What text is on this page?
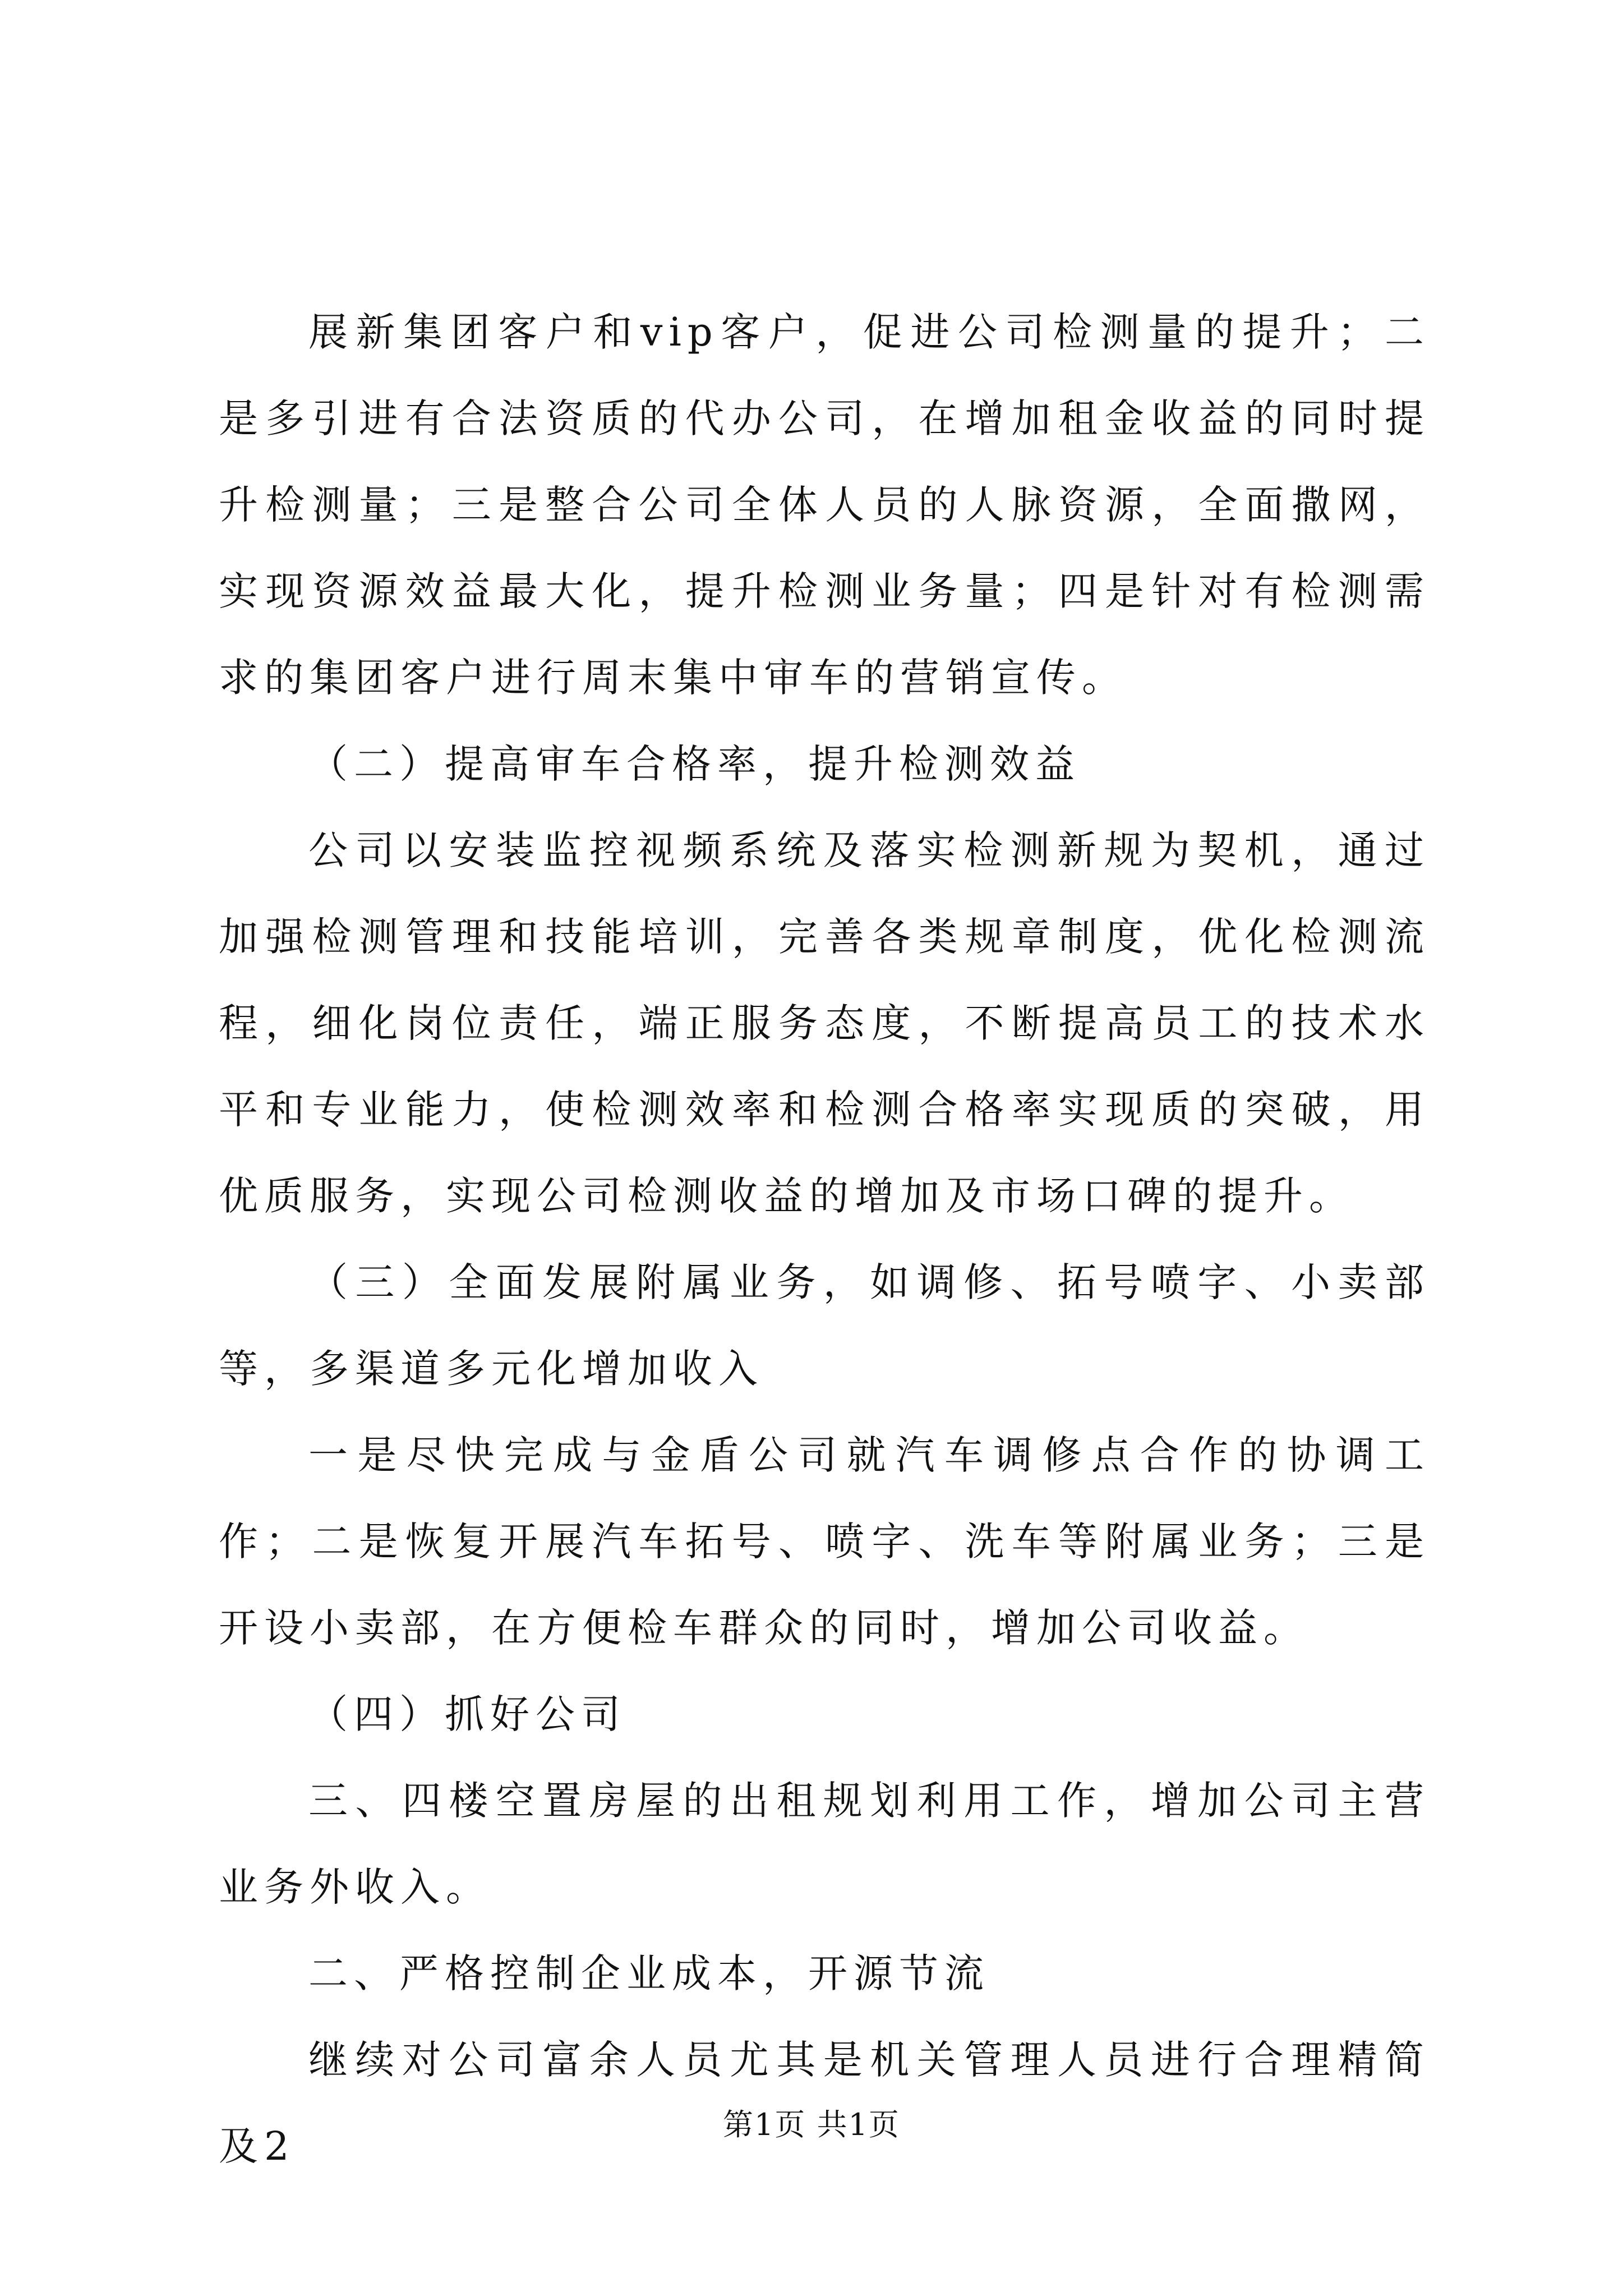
展新集团客户和vip客户，促进公司检测量的提升；二是多引进有合法资质的代办公司，在增加租金收益的同时提升检测量；三是整合公司全体人员的人脉资源，全面撒网，实现资源效益最大化，提升检测业务量；四是针对有检测需求的集团客户进行周末集中审车的营销宣传。

（二）提高审车合格率，提升检测效益

公司以安装监控视频系统及落实检测新规为契机，通过加强检测管理和技能培训，完善各类规章制度，优化检测流程，细化岗位责任，端正服务态度，不断提高员工的技术水平和专业能力，使检测效率和检测合格率实现质的突破，用优质服务，实现公司检测收益的增加及市场口碑的提升。

（三）全面发展附属业务，如调修、拓号喷字、小卖部等，多渠道多元化增加收入

一是尽快完成与金盾公司就汽车调修点合作的协调工作；二是恢复开展汽车拓号、喷字、洗车等附属业务；三是开设小卖部，在方便检车群众的同时，增加公司收益。

（四）抓好公司

三、四楼空置房屋的出租规划利用工作，增加公司主营业务外收入。

二、严格控制企业成本，开源节流

继续对公司富余人员尤其是机关管理人员进行合理精简及2	第1页 共1页
